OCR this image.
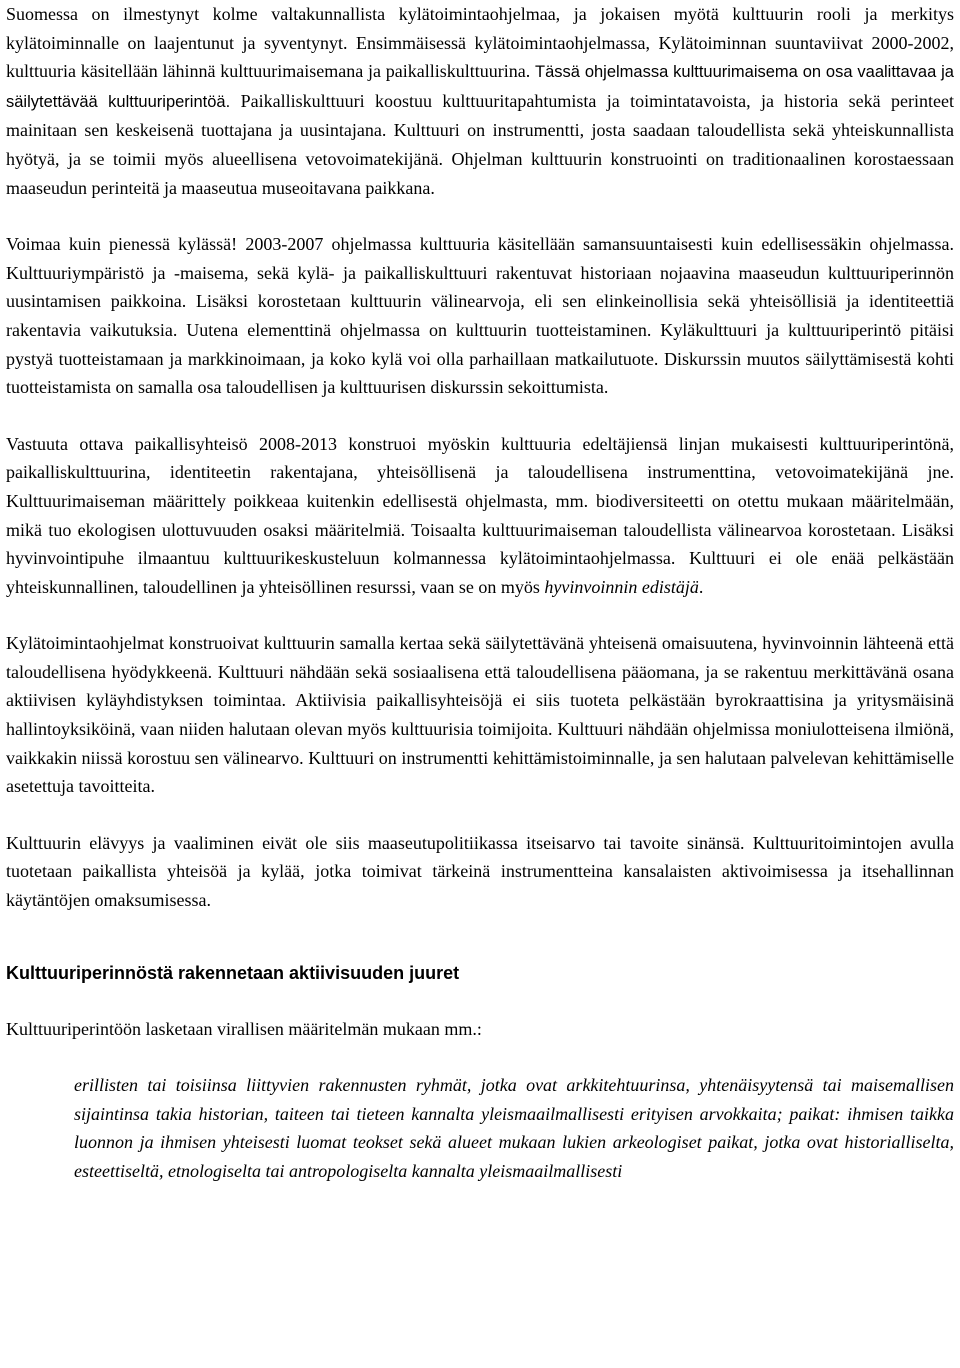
Suomessa on ilmestynyt kolme valtakunnallista kylätoimintaohjelmaa, ja jokaisen myötä kulttuurin rooli ja merkitys kylätoiminnalle on laajentunut ja syventynyt. Ensimmäisessä kylätoimintaohjelmassa, Kylätoiminnan suuntaviivat 2000-2002, kulttuuria käsitellään lähinnä kulttuurimaisemana ja paikalliskulttuurina. Tässä ohjelmassa kulttuurimaisema on osa vaalittavaa ja säilytettävää kulttuuriperintöä. Paikalliskulttuuri koostuu kulttuuritapahtumista ja toimintatavoista, ja historia sekä perinteet mainitaan sen keskeisenä tuottajana ja uusintajana. Kulttuuri on instrumentti, josta saadaan taloudellista sekä yhteiskunnallista hyötyä, ja se toimii myös alueellisena vetovoimatekijänä. Ohjelman kulttuurin konstruointi on traditionaalinen korostaessaan maaseudun perinteitä ja maaseutua museoitavana paikkana.

Voimaa kuin pienessä kylässä! 2003-2007 ohjelmassa kulttuuria käsitellään samansuuntaisesti kuin edellisessäkin ohjelmassa. Kulttuuriympäristö ja -maisema, sekä kylä- ja paikalliskulttuuri rakentuvat historiaan nojaavina maaseudun kulttuuriperinnön uusintamisen paikkoina. Lisäksi korostetaan kulttuurin välinearvoja, eli sen elinkeinollisia sekä yhteisöllisiä ja identiteettiä rakentavia vaikutuksia. Uutena elementtinä ohjelmassa on kulttuurin tuotteistaminen. Kyläkulttuuri ja kulttuuriperintö pitäisi pystyä tuotteistamaan ja markkinoimaan, ja koko kylä voi olla parhaillaan matkailutuote. Diskurssin muutos säilyttämisestä kohti tuotteistamista on samalla osa taloudellisen ja kulttuurisen diskurssin sekoittumista.

Vastuuta ottava paikallisyhteisö 2008-2013 konstruoi myöskin kulttuuria edeltäjiensä linjan mukaisesti kulttuuriperintönä, paikalliskulttuurina, identiteetin rakentajana, yhteisöllisenä ja taloudellisena instrumenttina, vetovoimatekijänä jne. Kulttuurimaiseman määrittely poikkeaa kuitenkin edellisestä ohjelmasta, mm. biodiversiteetti on otettu mukaan määritelmään, mikä tuo ekologisen ulottuvuuden osaksi määritelmiä. Toisaalta kulttuurimaiseman taloudellista välinearvoa korostetaan. Lisäksi hyvinvointipuhe ilmaantuu kulttuurikeskusteluun kolmannessa kylätoimintaohjelmassa. Kulttuuri ei ole enää pelkästään yhteiskunnallinen, taloudellinen ja yhteisöllinen resurssi, vaan se on myös hyvinvoinnin edistäjä.

Kylätoimintaohjelmat konstruoivat kulttuurin samalla kertaa sekä säilytettävänä yhteisenä omaisuutena, hyvinvoinnin lähteenä että taloudellisena hyödykkeenä. Kulttuuri nähdään sekä sosiaalisena että taloudellisena pääomana, ja se rakentuu merkittävänä osana aktiivisen kyläyhdistyksen toimintaa. Aktiivisia paikallisyhteisöjä ei siis tuoteta pelkästään byrokraattisina ja yritysmäisinä hallintoyksiköinä, vaan niiden halutaan olevan myös kulttuurisia toimijoita. Kulttuuri nähdään ohjelmissa moniulotteisena ilmiönä, vaikkakin niissä korostuu sen välinearvo. Kulttuuri on instrumentti kehittämistoiminnalle, ja sen halutaan palvelevan kehittämiselle asetettuja tavoitteita.

Kulttuurin elävyys ja vaaliminen eivät ole siis maaseutupolitiikassa itseisarvo tai tavoite sinänsä. Kulttuuritoimintojen avulla tuotetaan paikallista yhteisöä ja kylää, jotka toimivat tärkeinä instrumentteina kansalaisten aktivoimisessa ja itsehallinnan käytäntöjen omaksumisessa.

Kulttuuriperinnöstä rakennetaan aktiivisuuden juuret

Kulttuuriperintöön lasketaan virallisen määritelmän mukaan mm.:

erillisten tai toisiinsa liittyvien rakennusten ryhmät, jotka ovat arkkitehtuurinsa, yhtenäisyytensä tai maisemallisen sijaintinsa takia historian, taiteen tai tieteen kannalta yleismaailmallisesti erityisen arvokkaita; paikat: ihmisen taikka luonnon ja ihmisen yhteisesti luomat teokset sekä alueet mukaan lukien arkeologiset paikat, jotka ovat historialliselta, esteettiseltä, etnologiselta tai antropologiselta kannalta yleismaailmallisesti
